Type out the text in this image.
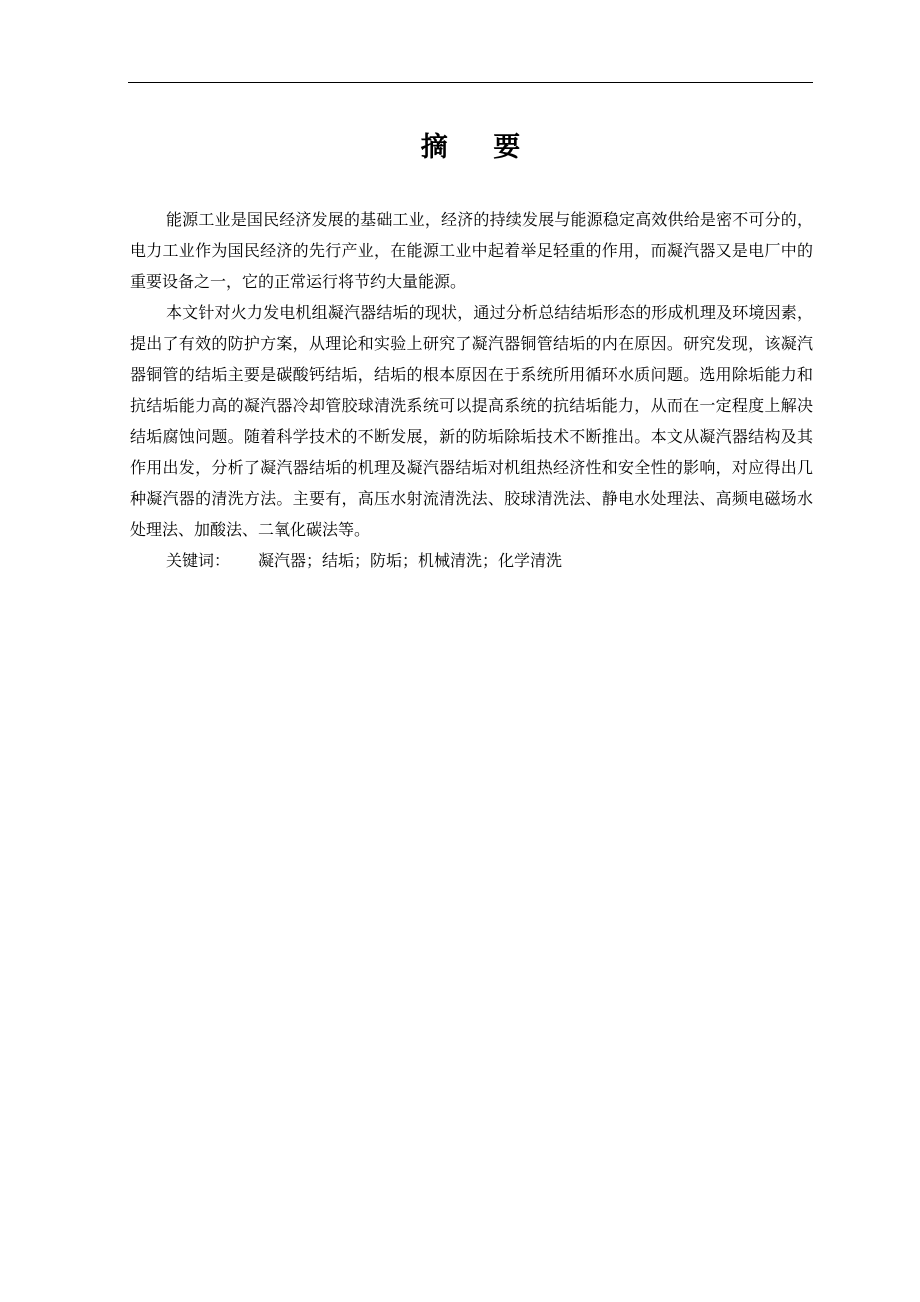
摘 要

能源工业是国民经济发展的基础工业，经济的持续发展与能源稳定高效供给是密不可分的，电力工业作为国民经济的先行产业，在能源工业中起着举足轻重的作用，而凝汽器又是电厂中的重要设备之一，它的正常运行将节约大量能源。

本文针对火力发电机组凝汽器结垢的现状，通过分析总结结垢形态的形成机理及环境因素，提出了有效的防护方案，从理论和实验上研究了凝汽器铜管结垢的内在原因。研究发现，该凝汽器铜管的结垢主要是碳酸钙结垢，结垢的根本原因在于系统所用循环水质问题。选用除垢能力和抗结垢能力高的凝汽器冷却管胶球清洗系统可以提高系统的抗结垢能力，从而在一定程度上解决结垢腐蚀问题。随着科学技术的不断发展，新的防垢除垢技术不断推出。本文从凝汽器结构及其作用出发，分析了凝汽器结垢的机理及凝汽器结垢对机组热经济性和安全性的影响，对应得出几种凝汽器的清洗方法。主要有，高压水射流清洗法、胶球清洗法、静电水处理法、高频电磁场水处理法、加酸法、二氧化碳法等。

关键词： 凝汽器；结垢；防垢；机械清洗；化学清洗
